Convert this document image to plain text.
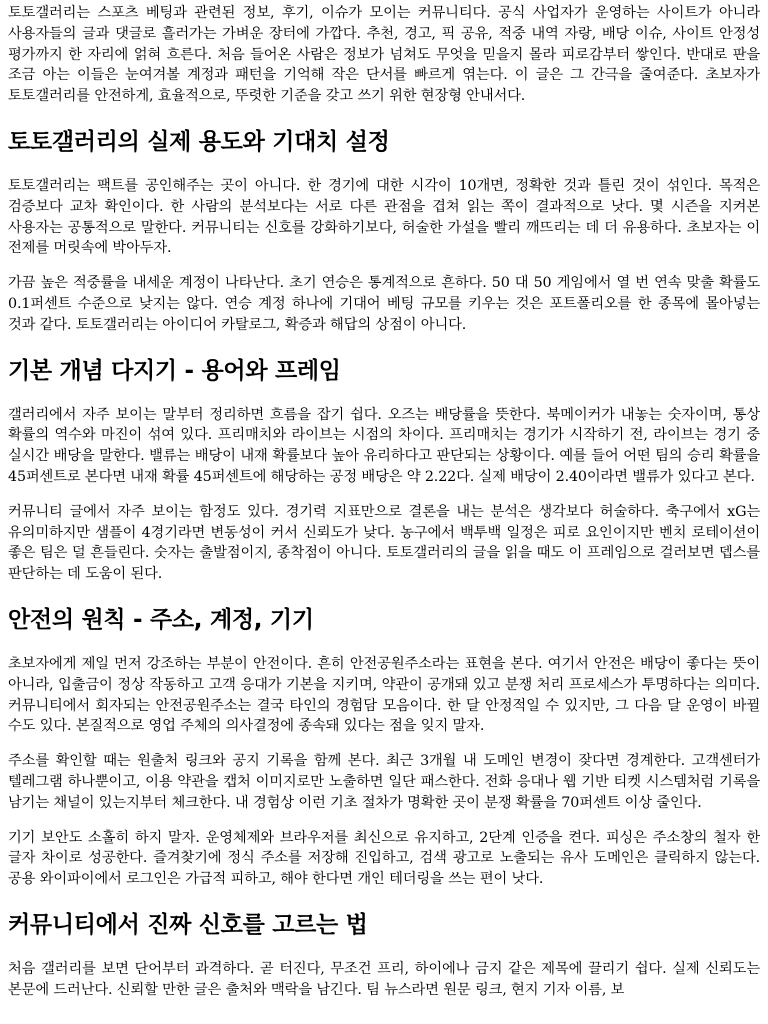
토토갤러리는 스포츠 베팅과 관련된 정보, 후기, 이슈가 모이는 커뮤니티다. 공식 사업자가 운영하는 사이트가 아니라 사용자들의 글과 댓글로 흘러가는 가벼운 장터에 가깝다. 추천, 경고, 픽 공유, 적중 내역 자랑, 배당 이슈, 사이트 안정성 평가까지 한 자리에 얽혀 흐른다. 처음 들어온 사람은 정보가 넘쳐도 무엇을 믿을지 몰라 피로감부터 쌓인다. 반대로 판을 조금 아는 이들은 눈여겨볼 계정과 패턴을 기억해 작은 단서를 빠르게 엮는다. 이 글은 그 간극을 줄여준다. 초보자가 토토갤러리를 안전하게, 효율적으로, 뚜렷한 기준을 갖고 쓰기 위한 현장형 안내서다.

토토갤러리의 실제 용도와 기대치 설정

토토갤러리는 팩트를 공인해주는 곳이 아니다. 한 경기에 대한 시각이 10개면, 정확한 것과 틀린 것이 섞인다. 목적은 검증보다 교차 확인이다. 한 사람의 분석보다는 서로 다른 관점을 겹쳐 읽는 쪽이 결과적으로 낫다. 몇 시즌을 지켜본 사용자는 공통적으로 말한다. 커뮤니티는 신호를 강화하기보다, 허술한 가설을 빨리 깨뜨리는 데 더 유용하다. 초보자는 이 전제를 머릿속에 박아두자.

가끔 높은 적중률을 내세운 계정이 나타난다. 초기 연승은 통계적으로 흔하다. 50 대 50 게임에서 열 번 연속 맞출 확률도 0.1퍼센트 수준으로 낮지는 않다. 연승 계정 하나에 기대어 베팅 규모를 키우는 것은 포트폴리오를 한 종목에 몰아넣는 것과 같다. 토토갤러리는 아이디어 카탈로그, 확증과 해답의 상점이 아니다.

기본 개념 다지기 - 용어와 프레임

갤러리에서 자주 보이는 말부터 정리하면 흐름을 잡기 쉽다. 오즈는 배당률을 뜻한다. 북메이커가 내놓는 숫자이며, 통상 확률의 역수와 마진이 섞여 있다. 프리매치와 라이브는 시점의 차이다. 프리매치는 경기가 시작하기 전, 라이브는 경기 중 실시간 배당을 말한다. 밸류는 배당이 내재 확률보다 높아 유리하다고 판단되는 상황이다. 예를 들어 어떤 팀의 승리 확률을 45퍼센트로 본다면 내재 확률 45퍼센트에 해당하는 공정 배당은 약 2.22다. 실제 배당이 2.40이라면 밸류가 있다고 본다.

커뮤니티 글에서 자주 보이는 함정도 있다. 경기력 지표만으로 결론을 내는 분석은 생각보다 허술하다. 축구에서 xG는 유의미하지만 샘플이 4경기라면 변동성이 커서 신뢰도가 낮다. 농구에서 백투백 일정은 피로 요인이지만 벤치 로테이션이 좋은 팀은 덜 흔들린다. 숫자는 출발점이지, 종착점이 아니다. 토토갤러리의 글을 읽을 때도 이 프레임으로 걸러보면 뎁스를 판단하는 데 도움이 된다.

안전의 원칙 - 주소, 계정, 기기

초보자에게 제일 먼저 강조하는 부분이 안전이다. 흔히 안전공원주소라는 표현을 본다. 여기서 안전은 배당이 좋다는 뜻이 아니라, 입출금이 정상 작동하고 고객 응대가 기본을 지키며, 약관이 공개돼 있고 분쟁 처리 프로세스가 투명하다는 의미다. 커뮤니티에서 회자되는 안전공원주소는 결국 타인의 경험담 모음이다. 한 달 안정적일 수 있지만, 그 다음 달 운영이 바뀔 수도 있다. 본질적으로 영업 주체의 의사결정에 종속돼 있다는 점을 잊지 말자.

주소를 확인할 때는 원출처 링크와 공지 기록을 함께 본다. 최근 3개월 내 도메인 변경이 잦다면 경계한다. 고객센터가 텔레그램 하나뿐이고, 이용 약관을 캡처 이미지로만 노출하면 일단 패스한다. 전화 응대나 웹 기반 티켓 시스템처럼 기록을 남기는 채널이 있는지부터 체크한다. 내 경험상 이런 기초 절차가 명확한 곳이 분쟁 확률을 70퍼센트 이상 줄인다.

기기 보안도 소홀히 하지 말자. 운영체제와 브라우저를 최신으로 유지하고, 2단계 인증을 켠다. 피싱은 주소창의 철자 한 글자 차이로 성공한다. 즐겨찾기에 정식 주소를 저장해 진입하고, 검색 광고로 노출되는 유사 도메인은 클릭하지 않는다. 공용 와이파이에서 로그인은 가급적 피하고, 해야 한다면 개인 테더링을 쓰는 편이 낫다.

커뮤니티에서 진짜 신호를 고르는 법

처음 갤러리를 보면 단어부터 과격하다. 곧 터진다, 무조건 프리, 하이에나 금지 같은 제목에 끌리기 쉽다. 실제 신뢰도는 본문에 드러난다. 신뢰할 만한 글은 출처와 맥락을 남긴다. 팀 뉴스라면 원문 링크, 현지 기자 이름, 보
